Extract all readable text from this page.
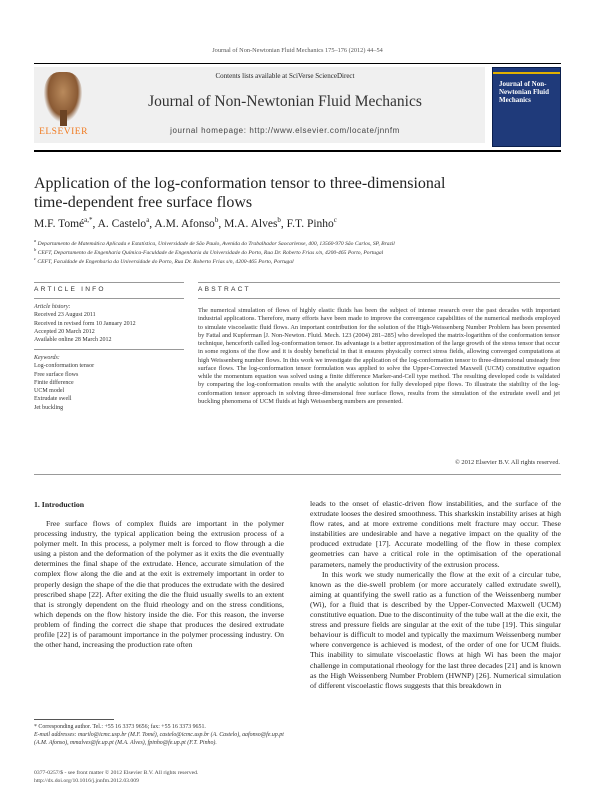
Journal of Non-Newtonian Fluid Mechanics 175–176 (2012) 44–54
ELSEVIER
Contents lists available at SciVerse ScienceDirect
Journal of Non-Newtonian Fluid Mechanics
journal homepage: http://www.elsevier.com/locate/jnnfm
Journal of Non-Newtonian Fluid Mechanics
Application of the log-conformation tensor to three-dimensional time-dependent free surface flows
M.F. Tomé$^{a,*}$, A. Castelo$^a$, A.M. Afonso$^b$, M.A. Alves$^b$, F.T. Pinho$^c$
$^a$ Departamento de Matemática Aplicada e Estatística, Universidade de São Paulo, Avenida do Trabalhador Saocarlense, 400, 13560-970 São Carlos, SP, Brazil
$^b$ CEFT, Departamento de Engenharia Química-Faculdade de Engenharia da Universidade do Porto, Rua Dr. Roberto Frias s/n, 4200-465 Porto, Portugal
$^c$ CEFT, Faculdade de Engenharia da Universidade do Porto, Rua Dr. Roberto Frias s/n, 4200-465 Porto, Portugal
ARTICLE INFO	ABSTRACT
Article history:
Received 23 August 2011
Received in revised form 10 January 2012
Accepted 20 March 2012
Available online 28 March 2012
Keywords:
Log-conformation tensor
Free surface flows
Finite difference
UCM model
Extrudate swell
Jet buckling
The numerical simulation of flows of highly elastic fluids has been the subject of intense research over the past decades with important industrial applications. Therefore, many efforts have been made to improve the convergence capabilities of the numerical methods employed to simulate viscoelastic fluid flows. An important contribution for the solution of the High-Weissenberg Number Problem has been presented by Fattal and Kupferman [J. Non-Newton. Fluid. Mech. 123 (2004) 281–285] who developed the matrix-logarithm of the conformation tensor technique, henceforth called log-conformation tensor. Its advantage is a better approximation of the large growth of the stress tensor that occur in some regions of the flow and it is doubly beneficial in that it ensures physically correct stress fields, allowing converged computations at high Weissenberg number flows. In this work we investigate the application of the log-conformation tensor to three-dimensional unsteady free surface flows. The log-conformation tensor formulation was applied to solve the Upper-Convected Maxwell (UCM) constitutive equation while the momentum equation was solved using a finite difference Marker-and-Cell type method. The resulting developed code is validated by comparing the log-conformation results with the analytic solution for fully developed pipe flows. To illustrate the stability of the log-conformation tensor approach in solving three-dimensional free surface flows, results from the simulation of the extrudate swell and jet buckling phenomena of UCM fluids at high Weissenberg numbers are presented.
© 2012 Elsevier B.V. All rights reserved.
1. Introduction
Free surface flows of complex fluids are important in the polymer processing industry, the typical application being the extrusion process of a polymer melt. In this process, a polymer melt is forced to flow through a die using a piston and the deformation of the polymer as it exits the die eventually determines the final shape of the extrudate. Hence, accurate simulation of the complex flow along the die and at the exit is extremely important in order to properly design the shape of the die that produces the extrudate with the desired prescribed shape [22]. After exiting the die the fluid usually swells to an extent that is strongly dependent on the fluid rheology and on the stress conditions, which depends on the flow history inside the die. For this reason, the inverse problem of finding the correct die shape that produces the desired extrudate profile [22] is of paramount importance in the polymer processing industry. On the other hand, increasing the production rate often

leads to the onset of elastic-driven flow instabilities, and the surface of the extrudate looses the desired smoothness. This sharkskin instability arises at high flow rates, and at more extreme conditions melt fracture may occur. These instabilities are undesirable and have a negative impact on the quality of the produced extrudate [17]. Accurate modelling of the flow in these complex geometries can have a critical role in the optimisation of the operational parameters, namely the productivity of the extrusion process.

In this work we study numerically the flow at the exit of a circular tube, known as the die-swell problem (or more accurately called extrudate swell), aiming at quantifying the swell ratio as a function of the Weissenberg number (Wi), for a fluid that is described by the Upper-Convected Maxwell (UCM) constitutive equation. Due to the discontinuity of the tube wall at the die exit, the stress and pressure fields are singular at the exit of the tube [19]. This singular behaviour is difficult to model and typically the maximum Weissenberg number where convergence is achieved is modest, of the order of one for UCM fluids. This inability to simulate viscoelastic flows at high Wi has been the major challenge in computational rheology for the last three decades [21] and is known as the High Weissenberg Number Problem (HWNP) [26]. Numerical simulation of different viscoelastic flows suggests that this breakdown in

* Corresponding author. Tel.: +55 16 3373 9656; fax: +55 16 3373 9651.
E-mail addresses: murilo@icmc.usp.br (M.F. Tomé), castelo@icmc.usp.br (A. Castelo), aafonso@fe.up.pt (A.M. Afonso), mmalves@fe.up.pt (M.A. Alves), fpinho@fe.up.pt (F.T. Pinho).
0377-0257/$ - see front matter © 2012 Elsevier B.V. All rights reserved.
http://dx.doi.org/10.1016/j.jnnfm.2012.03.009
